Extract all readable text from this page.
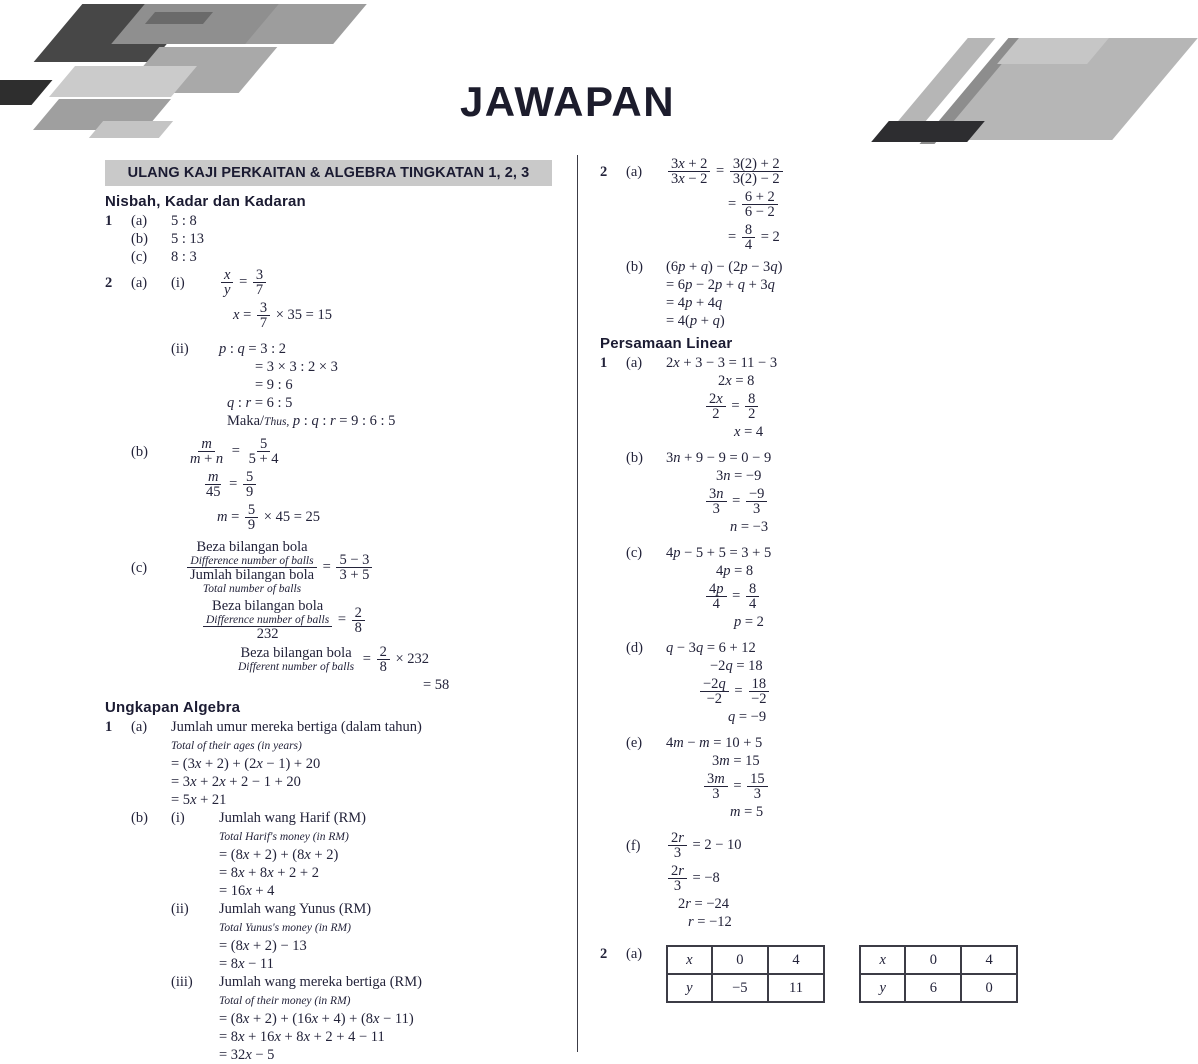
JAWAPAN
ULANG KAJI PERKAITAN & ALGEBRA TINGKATAN 1, 2, 3
Nisbah, Kadar dan Kadaran
1	(a)	5 : 8
(b)	5 : 13
(c)	8 : 3
2	(a)	(i)	$\frac{x}{y} = \frac{3}{7}$
$x = \frac{3}{7} \times 35 = 15$
(ii)	p : q = 3 : 2
= 3 × 3 : 2 × 3
= 9 : 6
q : r = 6 : 5
Maka/Thus, p : q : r = 9 : 6 : 5
(b)	$\frac{m}{m + n} = \frac{5}{5 + 4}$
$\frac{m}{45} = \frac{5}{9}$
$m = \frac{5}{9} \times 45 = 25$
(c)	Beza bilangan bola
Difference number of balls
Jumlah bilangan bola
Total number of balls = $\frac{5 - 3}{3 + 5}$
Beza bilangan bola
Difference number of balls
$232 = \frac{2}{8}$
Beza bilangan bola
Different number of balls
= $\frac{2}{8} \times 232$
= 58
Ungkapan Algebra
1	(a)	Jumlah umur mereka bertiga (dalam tahun)
Total of their ages (in years)
= (3x + 2) + (2x − 1) + 20
= 3x + 2x + 2 − 1 + 20
= 5x + 21
(b)	(i)	Jumlah wang Harif (RM)
Total Harif's money (in RM)
= (8x + 2) + (8x + 2)
= 8x + 8x + 2 + 2
= 16x + 4
(ii)	Jumlah wang Yunus (RM)
Total Yunus's money (in RM)
= (8x + 2) − 13
= 8x − 11
(iii)	Jumlah wang mereka bertiga (RM)
Total of their money (in RM)
= (8x + 2) + (16x + 4) + (8x − 11)
= 8x + 16x + 8x + 2 + 4 − 11
= 32x − 5
2	(a)	$\frac{3x + 2}{3x - 2} = \frac{3(2) + 2}{3(2) - 2}$
= $\frac{6 + 2}{6 - 2}$
= $\frac{8}{4} = 2$
(b)	(6p + q) − (2p − 3q)
= 6p − 2p + q + 3q
= 4p + 4q
= 4(p + q)
Persamaan Linear
1	(a)	2x + 3 − 3 = 11 − 3
2x = 8
$\frac{2x}{2} = \frac{8}{2}$
x = 4
(b)	3n + 9 − 9 = 0 − 9
3n = −9
$\frac{3n}{3} = \frac{-9}{3}$
n = −3
(c)	4p − 5 + 5 = 3 + 5
4p = 8
$\frac{4p}{4} = \frac{8}{4}$
p = 2
(d)	q − 3q = 6 + 12
−2q = 18
$\frac{-2q}{-2} = \frac{18}{-2}$
q = −9
(e)	4m − m = 10 + 5
3m = 15
$\frac{3m}{3} = \frac{15}{3}$
m = 5
(f)	$\frac{2r}{3} = 2 - 10$
$\frac{2r}{3} = -8$
2r = −24
r = −12
2	(a)	x	0	4
y	−5	11
x	0	4
y	6	0
